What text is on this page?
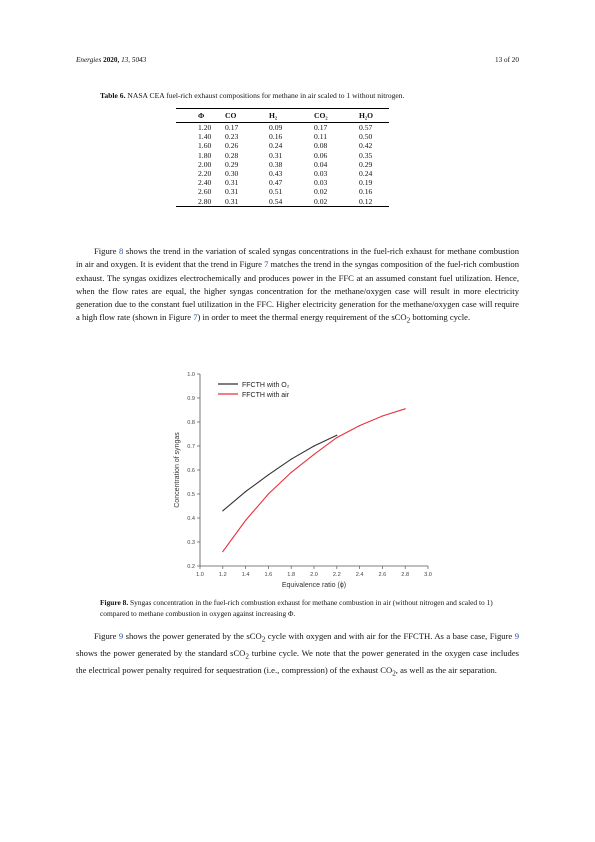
Energies 2020, 13, 5043	13 of 20
Table 6. NASA CEA fuel-rich exhaust compositions for methane in air scaled to 1 without nitrogen.
Φ	CO	H₂	CO₂	H₂O
1.20	0.17	0.09	0.17	0.57
1.40	0.23	0.16	0.11	0.50
1.60	0.26	0.24	0.08	0.42
1.80	0.28	0.31	0.06	0.35
2.00	0.29	0.38	0.04	0.29
2.20	0.30	0.43	0.03	0.24
2.40	0.31	0.47	0.03	0.19
2.60	0.31	0.51	0.02	0.16
2.80	0.31	0.54	0.02	0.12

Figure 8 shows the trend in the variation of scaled syngas concentrations in the fuel-rich exhaust for methane combustion in air and oxygen. It is evident that the trend in Figure 7 matches the trend in the syngas composition of the fuel-rich combustion exhaust. The syngas oxidizes electrochemically and produces power in the FFC at an assumed constant fuel utilization. Hence, when the flow rates are equal, the higher syngas concentration for the methane/oxygen case will result in more electricity generation due to the constant fuel utilization in the FFC. Higher electricity generation for the methane/oxygen case will require a high flow rate (shown in Figure 7) in order to meet the thermal energy requirement of the sCO$_2$ bottoming cycle.

1.0	1.2	1.4	1.6	1.8	2.0	2.2	2.4	2.6	2.8	3.0
0.2
0.3
0.4
0.5
0.6
0.7
0.8
0.9
1.0
Equivalence ratio (ϕ)
Concentration of syngas
FFCTH with O₂
FFCTH with air
Figure 8. Syngas concentration in the fuel-rich combustion exhaust for methane combustion in air (without nitrogen and scaled to 1) compared to methane combustion in oxygen against increasing Φ.

Figure 9 shows the power generated by the sCO$_2$ cycle with oxygen and with air for the FFCTH. As a base case, Figure 9 shows the power generated by the standard sCO$_2$ turbine cycle. We note that the power generated in the oxygen case includes the electrical power penalty required for sequestration (i.e., compression) of the exhaust $CO_2$, as well as the air separation.
